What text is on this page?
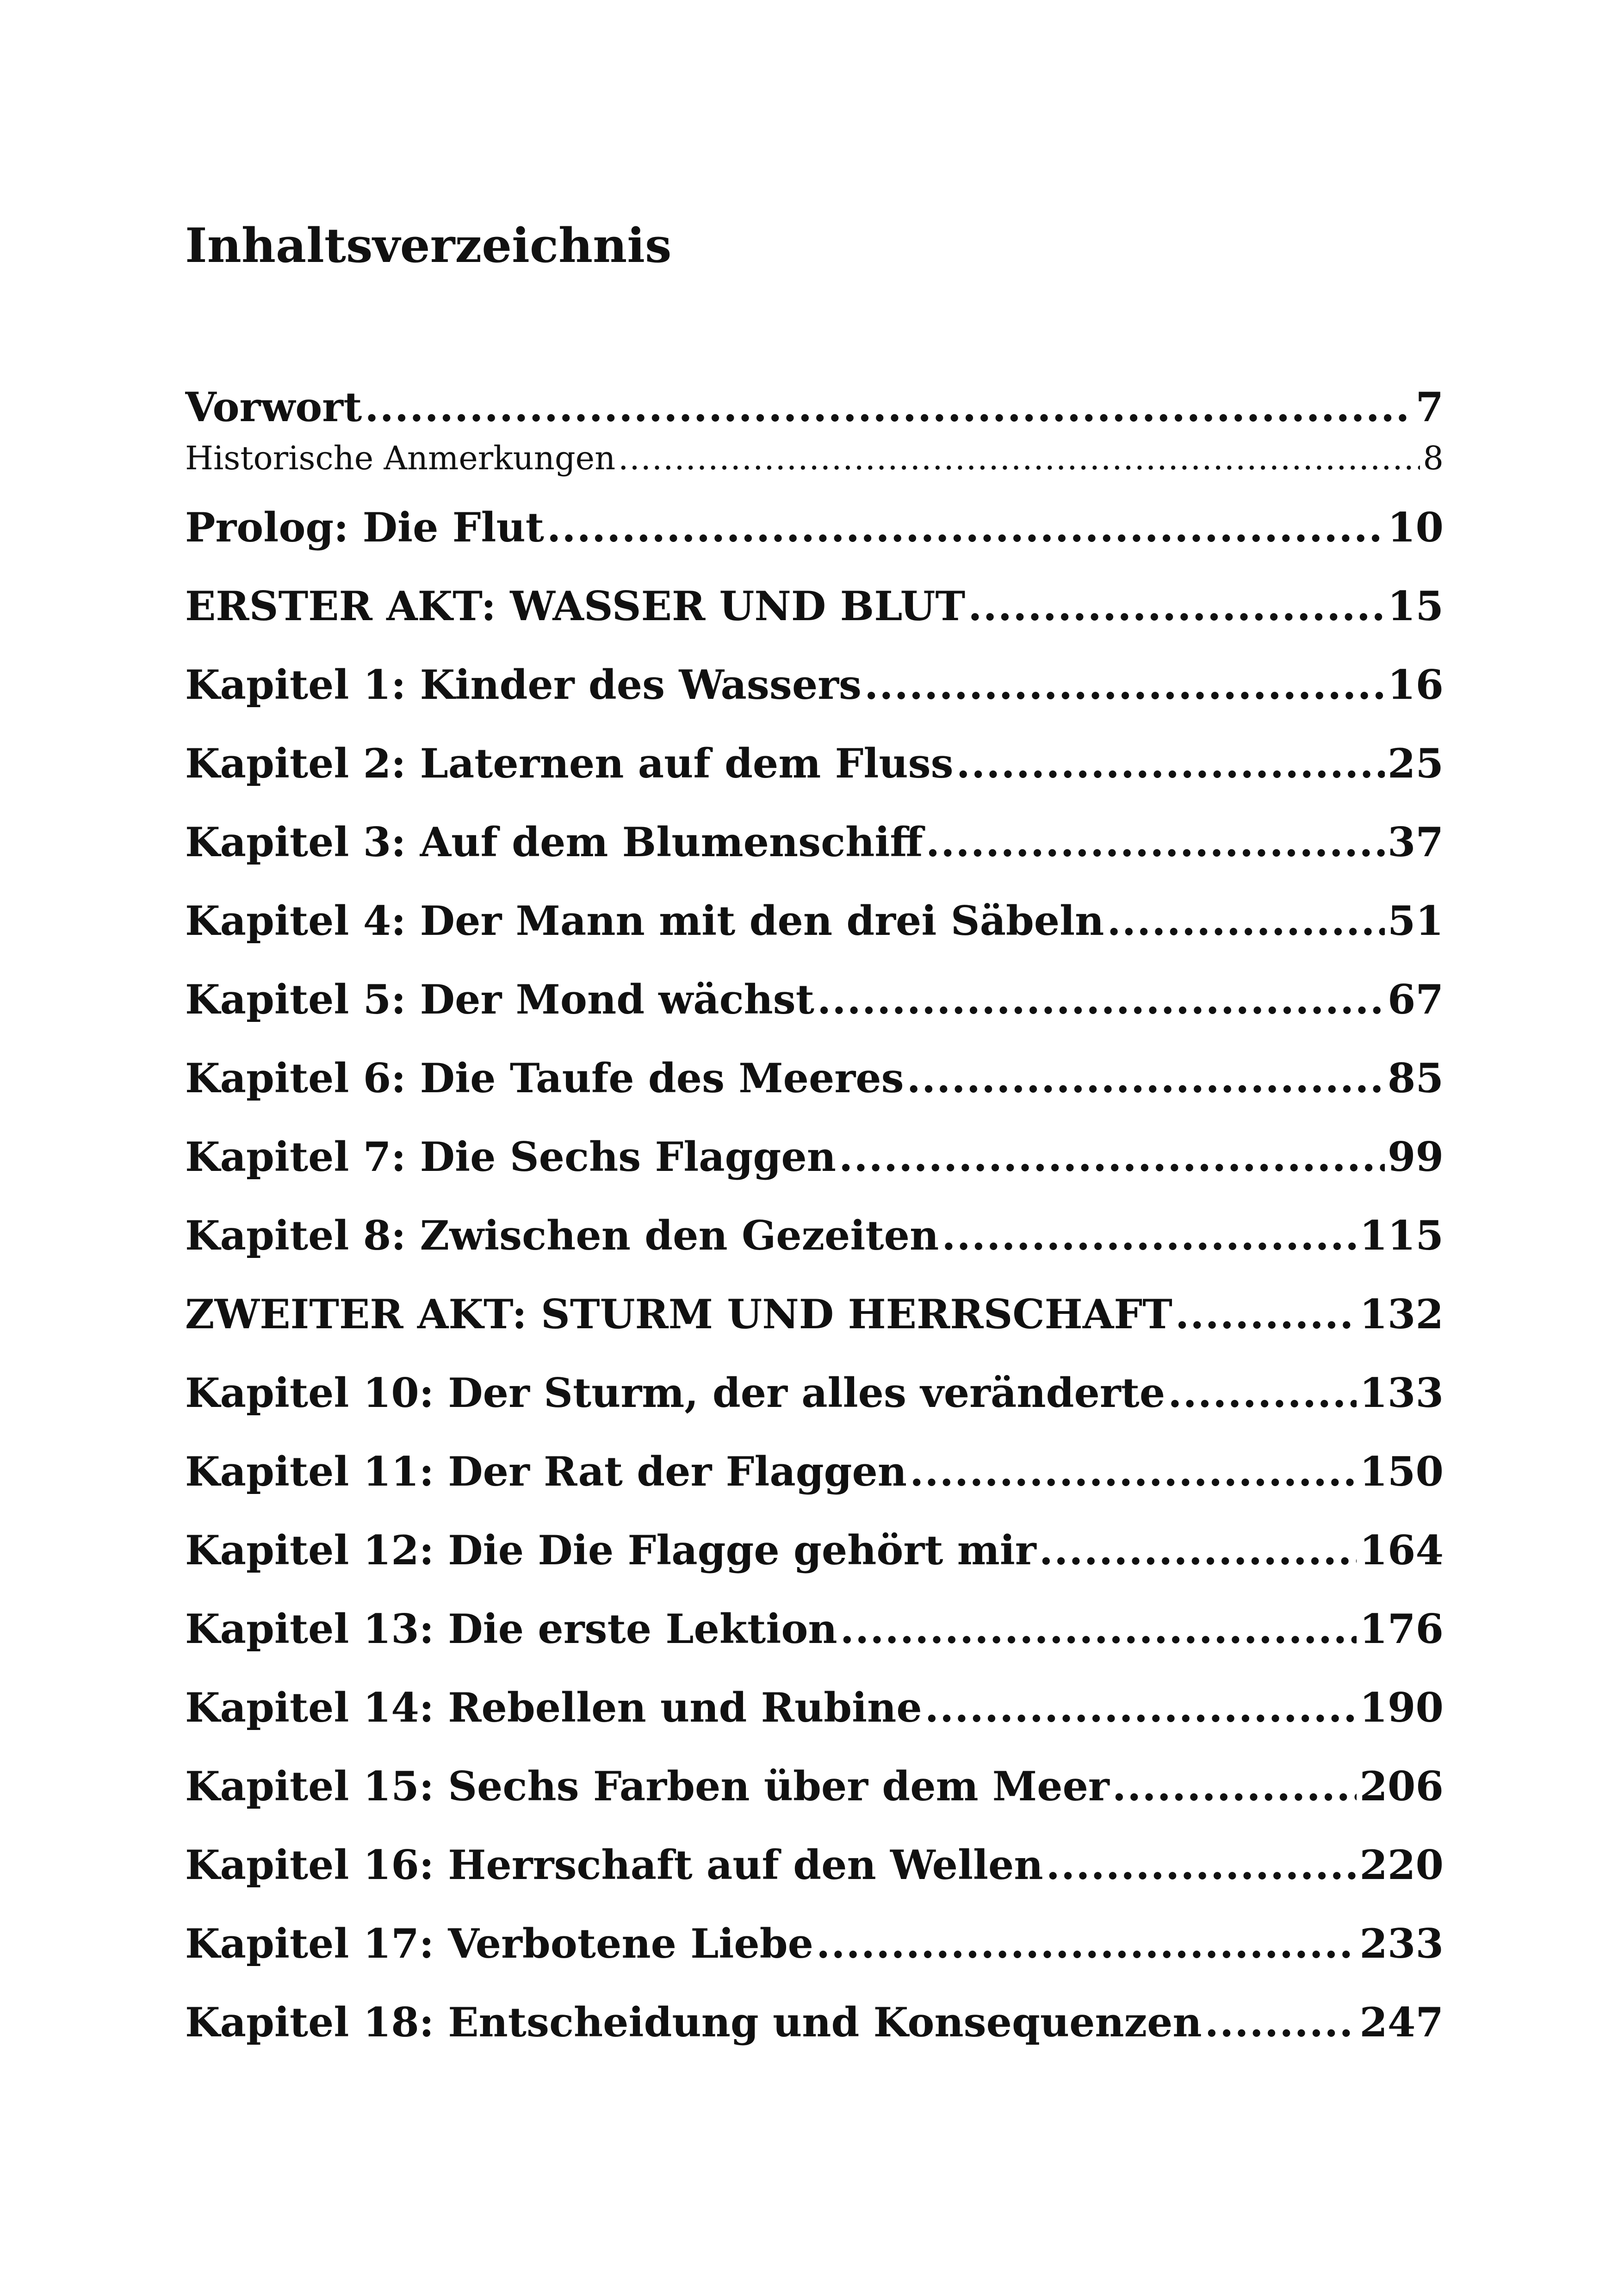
Inhaltsverzeichnis
Vorwort .....	7
Historische Anmerkungen .....	8
Prolog: Die Flut .....	10
ERSTER AKT: WASSER UND BLUT .....	15
Kapitel 1: Kinder des Wassers .....	16
Kapitel 2: Laternen auf dem Fluss .....	25
Kapitel 3: Auf dem Blumenschiff .....	37
Kapitel 4: Der Mann mit den drei Säbeln .....	51
Kapitel 5: Der Mond wächst .....	67
Kapitel 6: Die Taufe des Meeres .....	85
Kapitel 7: Die Sechs Flaggen .....	99
Kapitel 8: Zwischen den Gezeiten .....	115
ZWEITER AKT: STURM UND HERRSCHAFT .....	132
Kapitel 10: Der Sturm, der alles veränderte .....	133
Kapitel 11: Der Rat der Flaggen .....	150
Kapitel 12: Die Die Flagge gehört mir .....	164
Kapitel 13: Die erste Lektion .....	176
Kapitel 14: Rebellen und Rubine .....	190
Kapitel 15: Sechs Farben über dem Meer .....	206
Kapitel 16: Herrschaft auf den Wellen .....	220
Kapitel 17: Verbotene Liebe .....	233
Kapitel 18: Entscheidung und Konsequenzen .....	247
